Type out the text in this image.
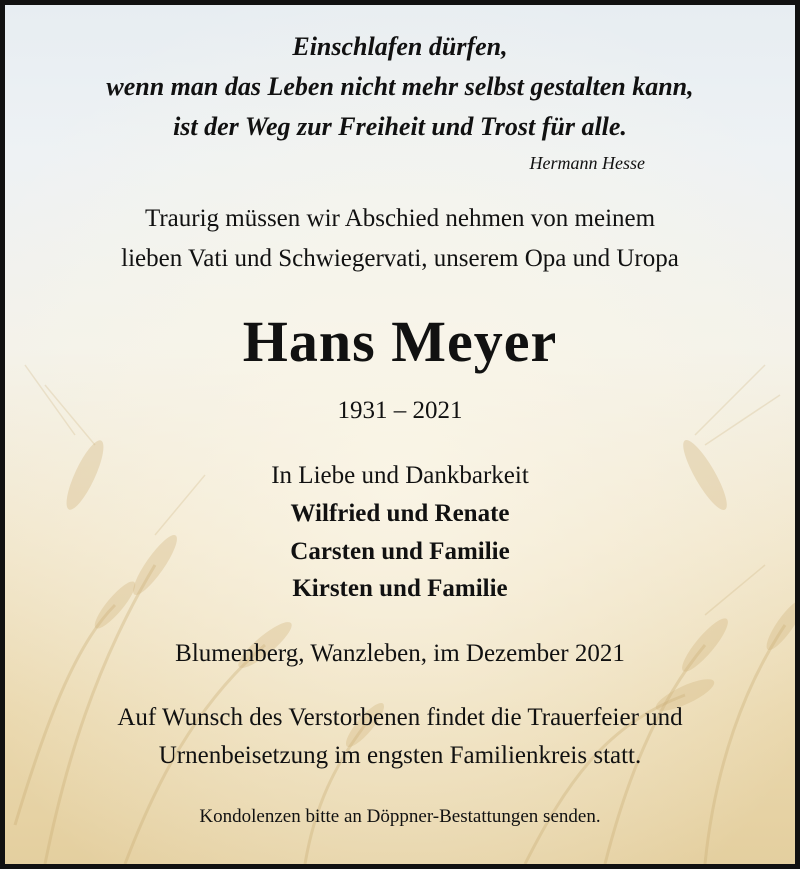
Einschlafen dürfen,
wenn man das Leben nicht mehr selbst gestalten kann,
ist der Weg zur Freiheit und Trost für alle.
Hermann Hesse
Traurig müssen wir Abschied nehmen von meinem
lieben Vati und Schwiegervati, unserem Opa und Uropa
Hans Meyer
1931 – 2021
In Liebe und Dankbarkeit
Wilfried und Renate
Carsten und Familie
Kirsten und Familie
Blumenberg, Wanzleben, im Dezember 2021
Auf Wunsch des Verstorbenen findet die Trauerfeier und
Urnenbeisetzung im engsten Familienkreis statt.
Kondolenzen bitte an Döppner-Bestattungen senden.
